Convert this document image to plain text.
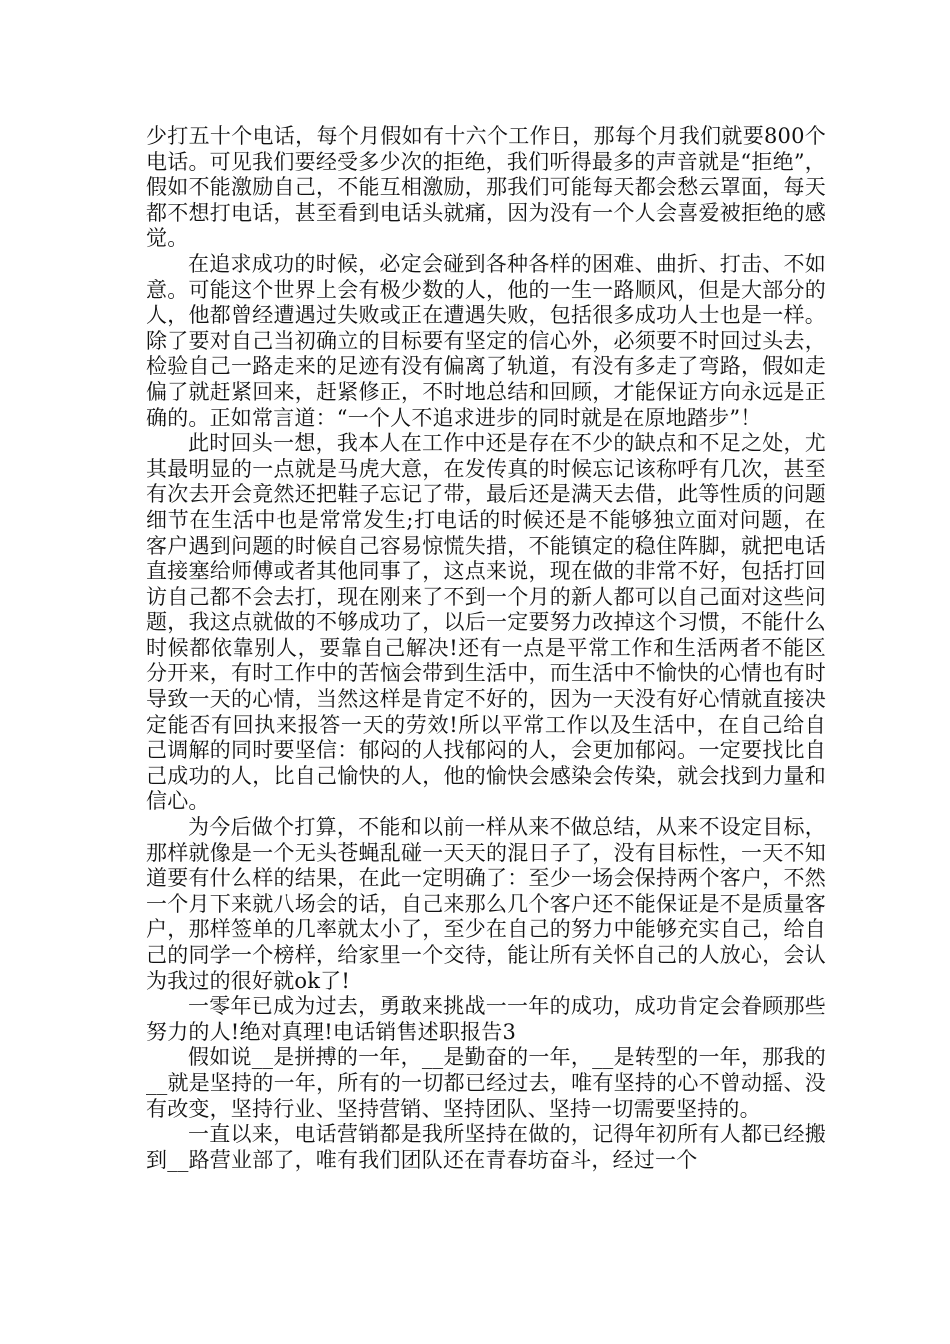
少打五十个电话，每个月假如有十六个工作日，那每个月我们就要800个电话。可见我们要经受多少次的拒绝，我们听得最多的声音就是“拒绝”，假如不能激励自己，不能互相激励，那我们可能每天都会愁云罩面，每天都不想打电话，甚至看到电话头就痛，因为没有一个人会喜爱被拒绝的感觉。

在追求成功的时候，必定会碰到各种各样的困难、曲折、打击、不如意。可能这个世界上会有极少数的人，他的一生一路顺风，但是大部分的人，他都曾经遭遇过失败或正在遭遇失败，包括很多成功人士也是一样。除了要对自己当初确立的目标要有坚定的信心外，必须要不时回过头去，检验自己一路走来的足迹有没有偏离了轨道，有没有多走了弯路，假如走偏了就赶紧回来，赶紧修正，不时地总结和回顾，才能保证方向永远是正确的。正如常言道：“一个人不追求进步的同时就是在原地踏步”！

此时回头一想，我本人在工作中还是存在不少的缺点和不足之处，尤其最明显的一点就是马虎大意，在发传真的时候忘记该称呼有几次，甚至有次去开会竟然还把鞋子忘记了带，最后还是满天去借，此等性质的问题细节在生活中也是常常发生;打电话的时候还是不能够独立面对问题，在客户遇到问题的时候自己容易惊慌失措，不能镇定的稳住阵脚，就把电话直接塞给师傅或者其他同事了，这点来说，现在做的非常不好，包括打回访自己都不会去打，现在刚来了不到一个月的新人都可以自己面对这些问题，我这点就做的不够成功了，以后一定要努力改掉这个习惯，不能什么时候都依靠别人，要靠自己解决!还有一点是平常工作和生活两者不能区分开来，有时工作中的苦恼会带到生活中，而生活中不愉快的心情也有时导致一天的心情，当然这样是肯定不好的，因为一天没有好心情就直接决定能否有回执来报答一天的劳效!所以平常工作以及生活中，在自己给自己调解的同时要坚信：郁闷的人找郁闷的人，会更加郁闷。一定要找比自己成功的人，比自己愉快的人，他的愉快会感染会传染，就会找到力量和信心。

为今后做个打算，不能和以前一样从来不做总结，从来不设定目标，那样就像是一个无头苍蝇乱碰一天天的混日子了，没有目标性，一天不知道要有什么样的结果，在此一定明确了：至少一场会保持两个客户，不然一个月下来就八场会的话，自己来那么几个客户还不能保证是不是质量客户，那样签单的几率就太小了，至少在自己的努力中能够充实自己，给自己的同学一个榜样，给家里一个交待，能让所有关怀自己的人放心，会认为我过的很好就ok了!

一零年已成为过去，勇敢来挑战一一年的成功，成功肯定会眷顾那些努力的人!绝对真理!电话销售述职报告3

假如说__是拼搏的一年，__是勤奋的一年，__是转型的一年，那我的__就是坚持的一年，所有的一切都已经过去，唯有坚持的心不曾动摇、没有改变，坚持行业、坚持营销、坚持团队、坚持一切需要坚持的。

一直以来，电话营销都是我所坚持在做的，记得年初所有人都已经搬到__路营业部了，唯有我们团队还在青春坊奋斗，经过一个
